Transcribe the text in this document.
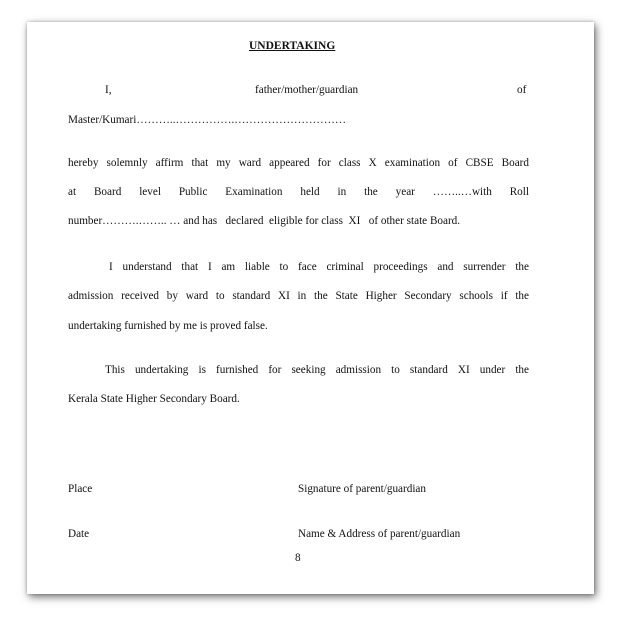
UNDERTAKING
I,	father/mother/guardian	of
Master/Kumari………..…………….…………………………

hereby solemnly affirm that my ward appeared for class X examination of CBSE Board

at Board level Public Examination held in the year ……..…with Roll

number……….…….. … and has   declared  eligible for class  XI   of other state Board.

I understand that I am liable to face criminal proceedings and surrender the

admission received by ward to standard XI in the State Higher Secondary schools if the

undertaking furnished by me is proved false.

This undertaking is furnished for seeking admission to standard XI under the

Kerala State Higher Secondary Board.
Place	Signature of parent/guardian
Date	Name & Address of parent/guardian
8
